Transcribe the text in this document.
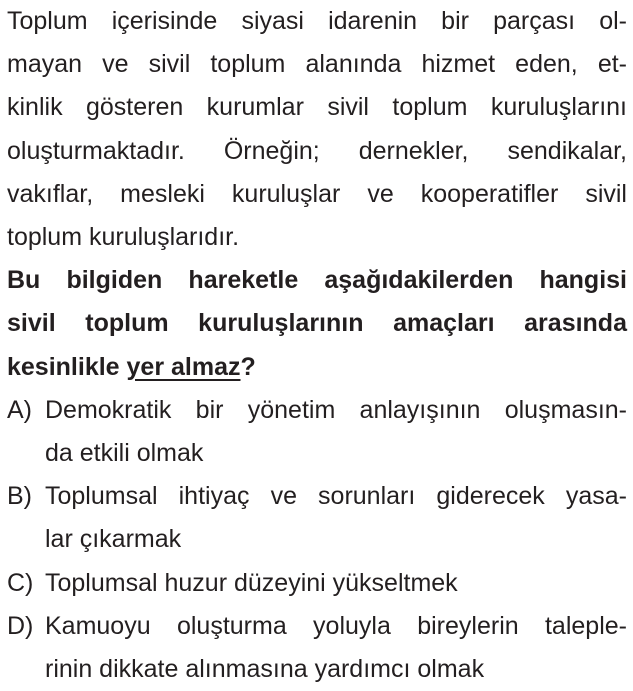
Toplum içerisinde siyasi idarenin bir parçası ol-
mayan ve sivil toplum alanında hizmet eden, et-
kinlik gösteren kurumlar sivil toplum kuruluşlarını
oluşturmaktadır. Örneğin; dernekler, sendikalar,
vakıflar, mesleki kuruluşlar ve kooperatifler sivil
toplum kuruluşlarıdır.
Bu bilgiden hareketle aşağıdakilerden hangisi
sivil toplum kuruluşlarının amaçları arasında
kesinlikle yer almaz?
A) Demokratik bir yönetim anlayışının oluşmasın-
da etkili olmak
B) Toplumsal ihtiyaç ve sorunları giderecek yasa-
lar çıkarmak
C) Toplumsal huzur düzeyini yükseltmek
D) Kamuoyu oluşturma yoluyla bireylerin taleple-
rinin dikkate alınmasına yardımcı olmak
